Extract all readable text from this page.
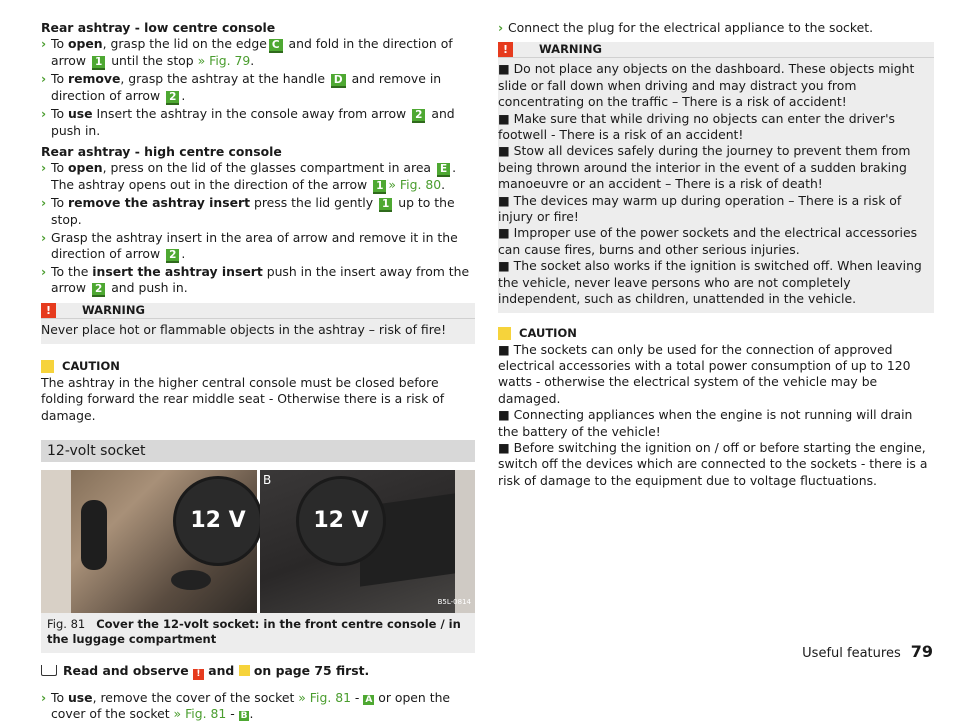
Rear ashtray - low centre console

› To open, grasp the lid on the edge C and fold in the direction of arrow 1 until the stop » Fig. 79.
› To remove, grasp the ashtray at the handle D and remove in direction of arrow 2 .
› To use Insert the ashtray in the console away from arrow 2 and push in.

Rear ashtray - high centre console

› To open, press on the lid of the glasses compartment in area E . The ashtray opens out in the direction of the arrow 1 » Fig. 80.
› To remove the ashtray insert press the lid gently 1 up to the stop.
› Grasp the ashtray insert in the area of arrow and remove it in the direction of arrow 2 .
› To the insert the ashtray insert push in the insert away from the arrow 2 and push in.
!	WARNING
Never place hot or flammable objects in the ashtray – risk of fire!
CAUTION
The ashtray in the higher central console must be closed before folding forward the rear middle seat - Otherwise there is a risk of damage.
12-volt socket
12 V
B
12 V
B5L-0814
Fig. 81 Cover the 12-volt socket: in the front centre console / in the luggage compartment
Read and observe ! and  on page 75 first.
› To use, remove the cover of the socket » Fig. 81 - A or open the cover of the socket » Fig. 81 - B .
› Connect the plug for the electrical appliance to the socket.
!	WARNING

■ Do not place any objects on the dashboard. These objects might slide or fall down when driving and may distract you from concentrating on the traffic – There is a risk of accident!

■ Make sure that while driving no objects can enter the driver's footwell - There is a risk of an accident!

■ Stow all devices safely during the journey to prevent them from being thrown around the interior in the event of a sudden braking manoeuvre or an accident – There is a risk of death!

■ The devices may warm up during operation – There is a risk of injury or fire!

■ Improper use of the power sockets and the electrical accessories can cause fires, burns and other serious injuries.

■ The socket also works if the ignition is switched off. When leaving the vehicle, never leave persons who are not completely independent, such as children, unattended in the vehicle.

CAUTION

■ The sockets can only be used for the connection of approved electrical accessories with a total power consumption of up to 120 watts - otherwise the electrical system of the vehicle may be damaged.

■ Connecting appliances when the engine is not running will drain the battery of the vehicle!

■ Before switching the ignition on / off or before starting the engine, switch off the devices which are connected to the sockets - there is a risk of damage to the equipment due to voltage fluctuations.

Useful features 79
